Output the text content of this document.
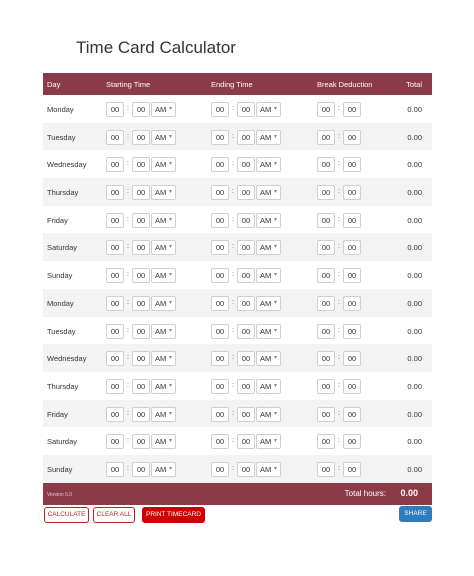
Time Card Calculator
Day	Starting Time	Ending Time	Break Deduction	Total
Monday	00	:	00	AM ▾	00	:	00	AM ▾	00	:	00	0.00
Tuesday	00	:	00	AM ▾	00	:	00	AM ▾	00	:	00	0.00
Wednesday	00	:	00	AM ▾	00	:	00	AM ▾	00	:	00	0.00
Thursday	00	:	00	AM ▾	00	:	00	AM ▾	00	:	00	0.00
Friday	00	:	00	AM ▾	00	:	00	AM ▾	00	:	00	0.00
Saturday	00	:	00	AM ▾	00	:	00	AM ▾	00	:	00	0.00
Sunday	00	:	00	AM ▾	00	:	00	AM ▾	00	:	00	0.00
Monday	00	:	00	AM ▾	00	:	00	AM ▾	00	:	00	0.00
Tuesday	00	:	00	AM ▾	00	:	00	AM ▾	00	:	00	0.00
Wednesday	00	:	00	AM ▾	00	:	00	AM ▾	00	:	00	0.00
Thursday	00	:	00	AM ▾	00	:	00	AM ▾	00	:	00	0.00
Friday	00	:	00	AM ▾	00	:	00	AM ▾	00	:	00	0.00
Saturday	00	:	00	AM ▾	00	:	00	AM ▾	00	:	00	0.00
Sunday	00	:	00	AM ▾	00	:	00	AM ▾	00	:	00	0.00
Version 5.0	Total hours: 0.00
CALCULATE	CLEAR ALL	PRINT TIMECARD	SHARE
